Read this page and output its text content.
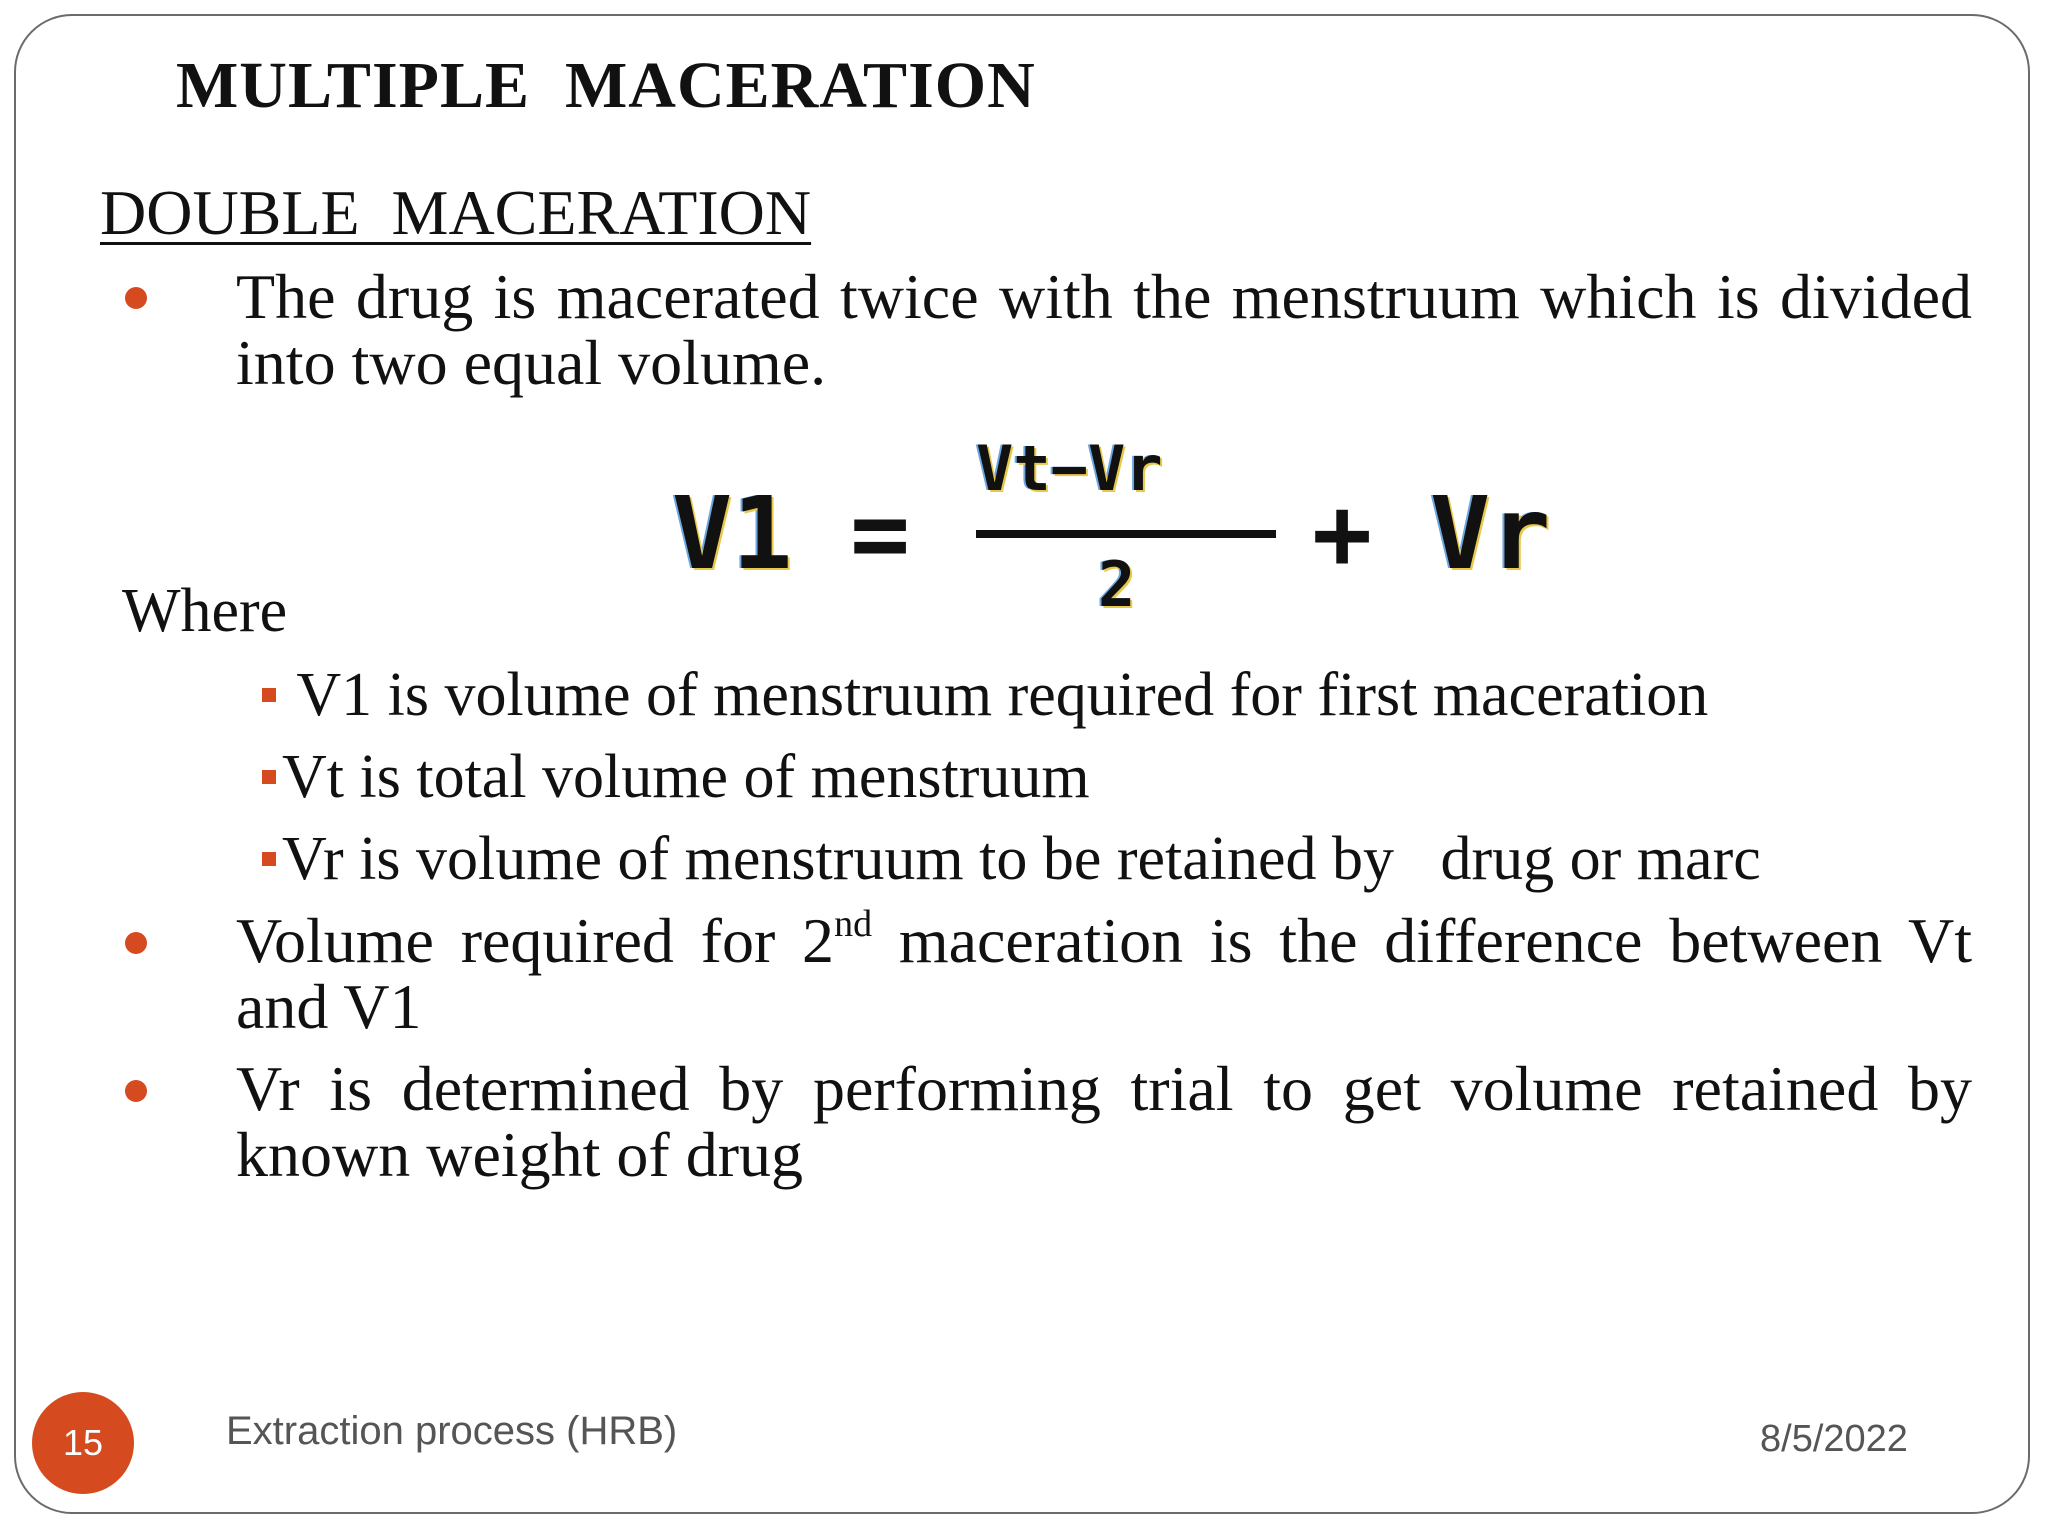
MULTIPLE  MACERATION
DOUBLE  MACERATION
The drug is macerated twice with the menstruum which is divided into two equal volume.
V1 =
Vt−Vr
2 + Vr
Where
V1 is volume of menstruum required for first maceration
Vt is total volume of menstruum
Vr is volume of menstruum to be retained by   drug or marc
Volume required for 2nd maceration is the difference between Vt and V1
Vr is determined by performing trial to get volume retained by known weight of drug
15	Extraction process (HRB)	8/5/2022
